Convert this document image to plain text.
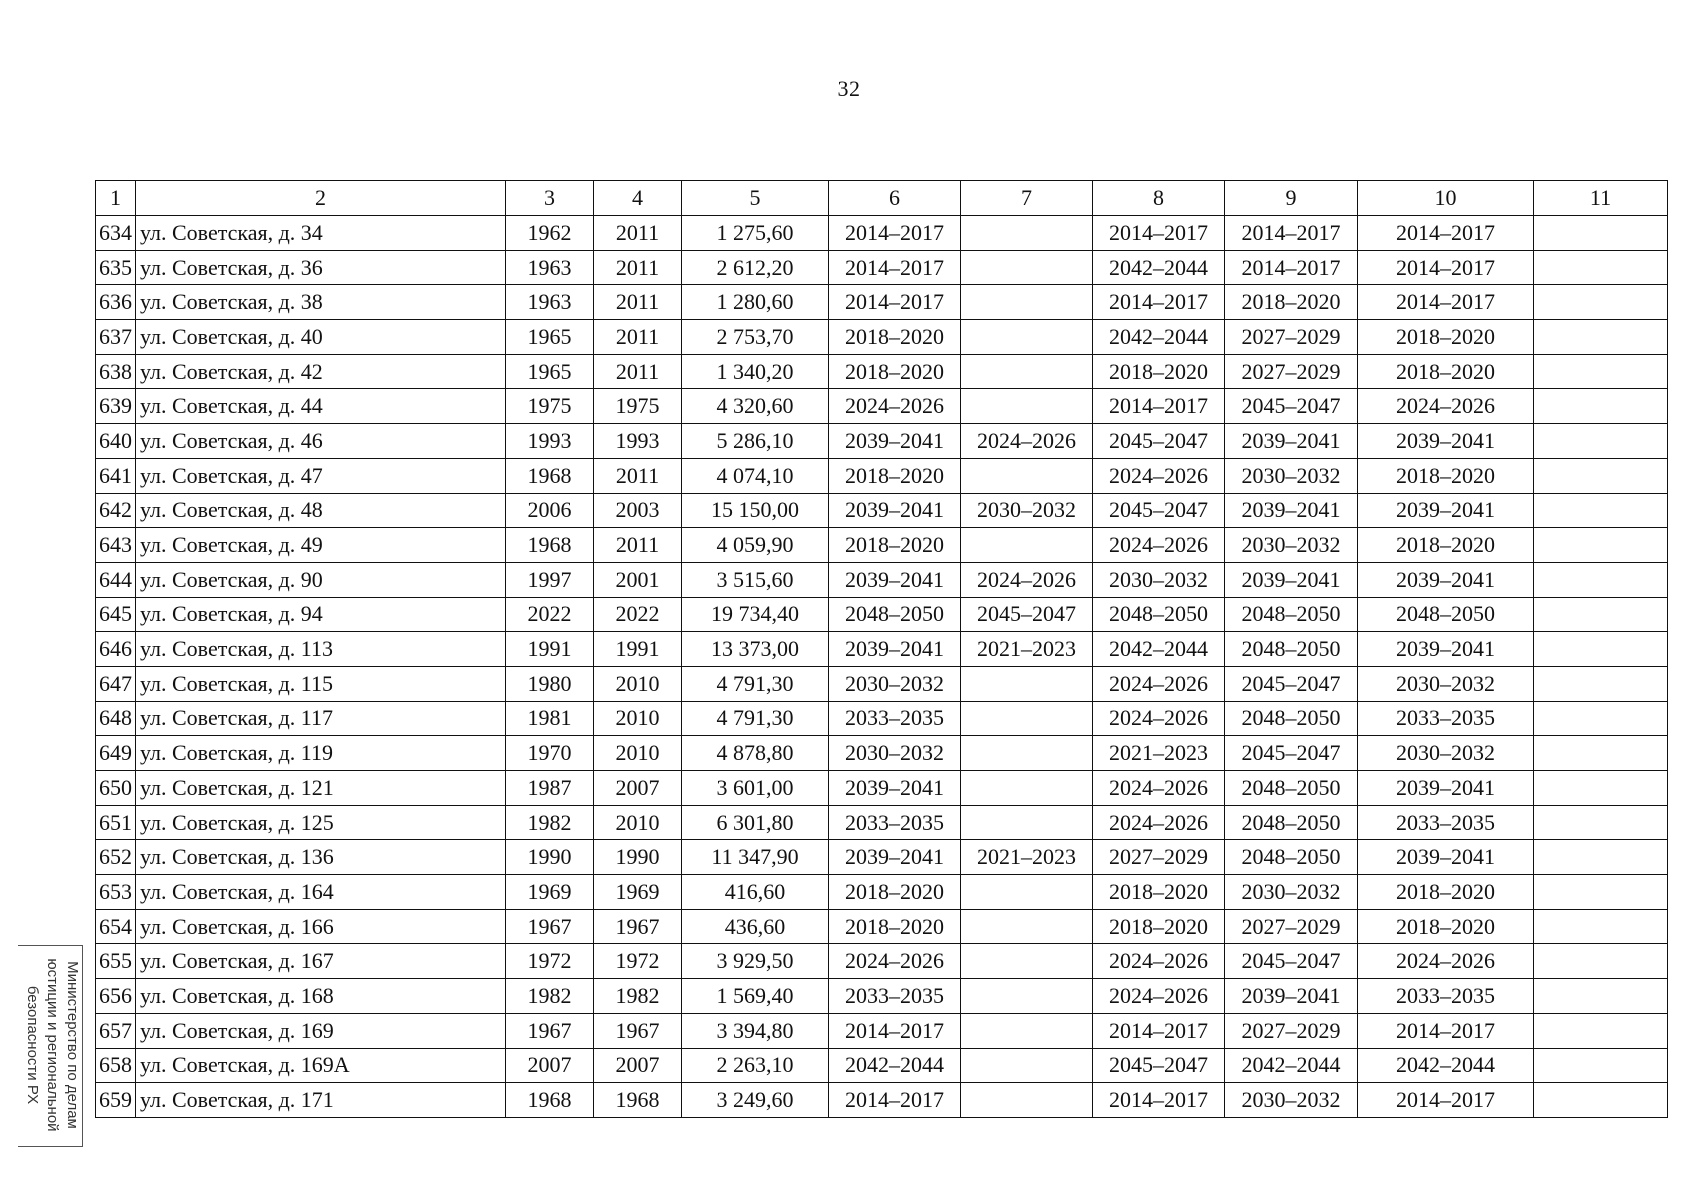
32
1	2	3	4	5	6	7	8	9	10	11
634	ул. Советская, д. 34	1962	2011	1 275,60	2014–2017		2014–2017	2014–2017	2014–2017	
635	ул. Советская, д. 36	1963	2011	2 612,20	2014–2017		2042–2044	2014–2017	2014–2017	
636	ул. Советская, д. 38	1963	2011	1 280,60	2014–2017		2014–2017	2018–2020	2014–2017	
637	ул. Советская, д. 40	1965	2011	2 753,70	2018–2020		2042–2044	2027–2029	2018–2020	
638	ул. Советская, д. 42	1965	2011	1 340,20	2018–2020		2018–2020	2027–2029	2018–2020	
639	ул. Советская, д. 44	1975	1975	4 320,60	2024–2026		2014–2017	2045–2047	2024–2026	
640	ул. Советская, д. 46	1993	1993	5 286,10	2039–2041	2024–2026	2045–2047	2039–2041	2039–2041	
641	ул. Советская, д. 47	1968	2011	4 074,10	2018–2020		2024–2026	2030–2032	2018–2020	
642	ул. Советская, д. 48	2006	2003	15 150,00	2039–2041	2030–2032	2045–2047	2039–2041	2039–2041	
643	ул. Советская, д. 49	1968	2011	4 059,90	2018–2020		2024–2026	2030–2032	2018–2020	
644	ул. Советская, д. 90	1997	2001	3 515,60	2039–2041	2024–2026	2030–2032	2039–2041	2039–2041	
645	ул. Советская, д. 94	2022	2022	19 734,40	2048–2050	2045–2047	2048–2050	2048–2050	2048–2050	
646	ул. Советская, д. 113	1991	1991	13 373,00	2039–2041	2021–2023	2042–2044	2048–2050	2039–2041	
647	ул. Советская, д. 115	1980	2010	4 791,30	2030–2032		2024–2026	2045–2047	2030–2032	
648	ул. Советская, д. 117	1981	2010	4 791,30	2033–2035		2024–2026	2048–2050	2033–2035	
649	ул. Советская, д. 119	1970	2010	4 878,80	2030–2032		2021–2023	2045–2047	2030–2032	
650	ул. Советская, д. 121	1987	2007	3 601,00	2039–2041		2024–2026	2048–2050	2039–2041	
651	ул. Советская, д. 125	1982	2010	6 301,80	2033–2035		2024–2026	2048–2050	2033–2035	
652	ул. Советская, д. 136	1990	1990	11 347,90	2039–2041	2021–2023	2027–2029	2048–2050	2039–2041	
653	ул. Советская, д. 164	1969	1969	416,60	2018–2020		2018–2020	2030–2032	2018–2020	
654	ул. Советская, д. 166	1967	1967	436,60	2018–2020		2018–2020	2027–2029	2018–2020	
655	ул. Советская, д. 167	1972	1972	3 929,50	2024–2026		2024–2026	2045–2047	2024–2026	
656	ул. Советская, д. 168	1982	1982	1 569,40	2033–2035		2024–2026	2039–2041	2033–2035	
657	ул. Советская, д. 169	1967	1967	3 394,80	2014–2017		2014–2017	2027–2029	2014–2017	
658	ул. Советская, д. 169А	2007	2007	2 263,10	2042–2044		2045–2047	2042–2044	2042–2044	
659	ул. Советская, д. 171	1968	1968	3 249,60	2014–2017		2014–2017	2030–2032	2014–2017	
Министерство по делам
юстиции и региональной
безопасности РХ
